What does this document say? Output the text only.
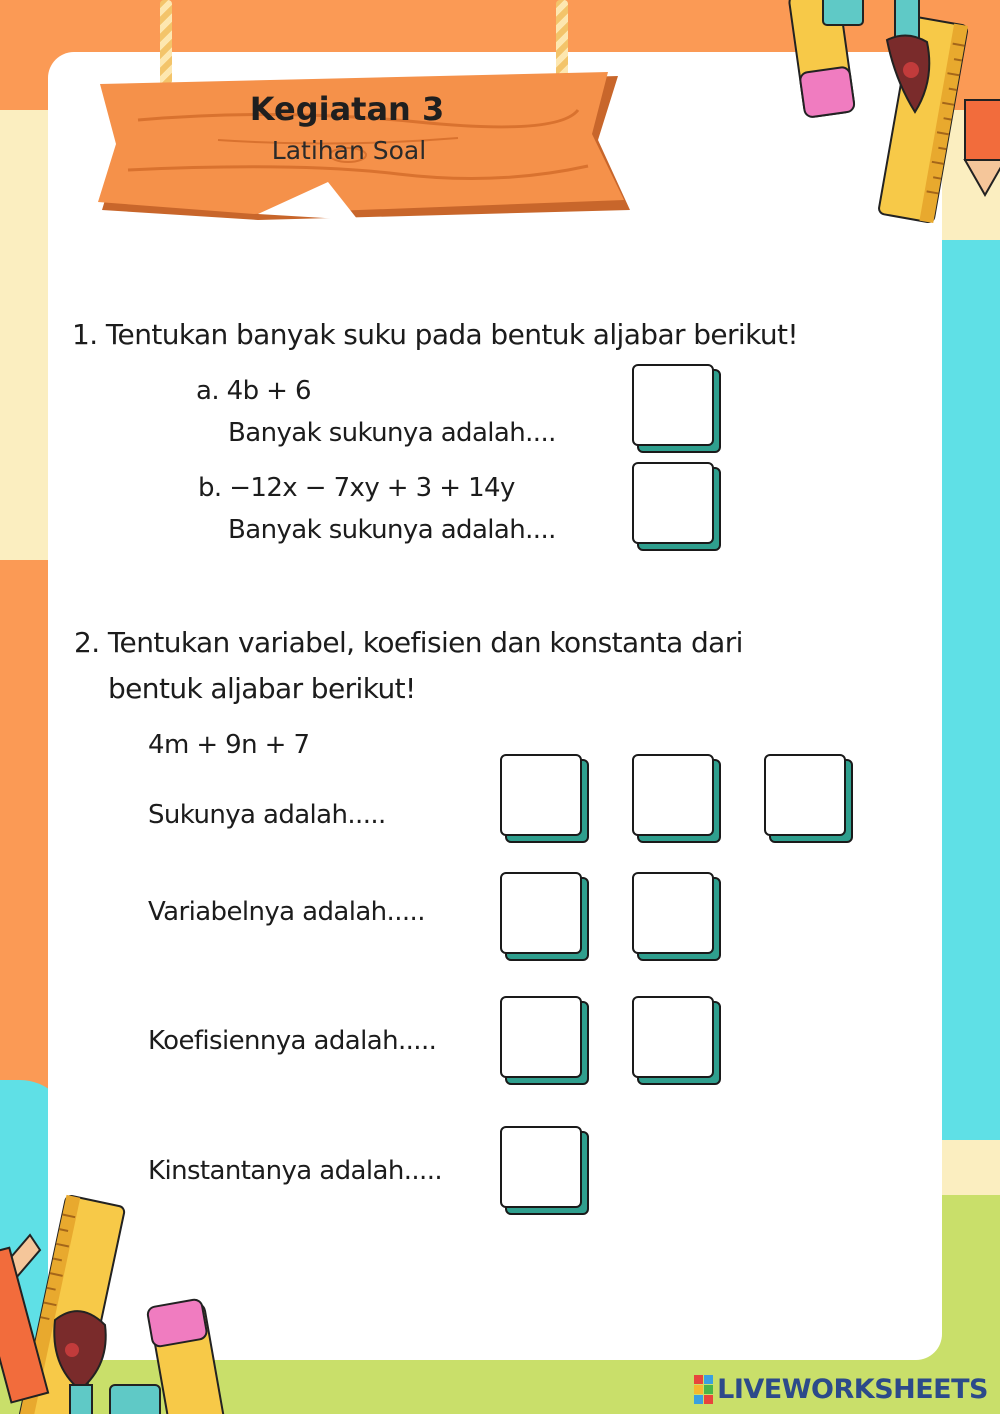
Kegiatan 3
Latihan Soal
1. Tentukan banyak suku pada bentuk aljabar berikut!
a. 4b + 6
Banyak sukunya adalah....
b. −12x − 7xy + 3 + 14y
Banyak sukunya adalah....
2. Tentukan variabel, koefisien dan konstanta dari
bentuk aljabar berikut!
4m + 9n + 7
Sukunya adalah.....
Variabelnya adalah.....
Koefisiennya adalah.....
Kinstantanya adalah.....
LIVEWORKSHEETS
